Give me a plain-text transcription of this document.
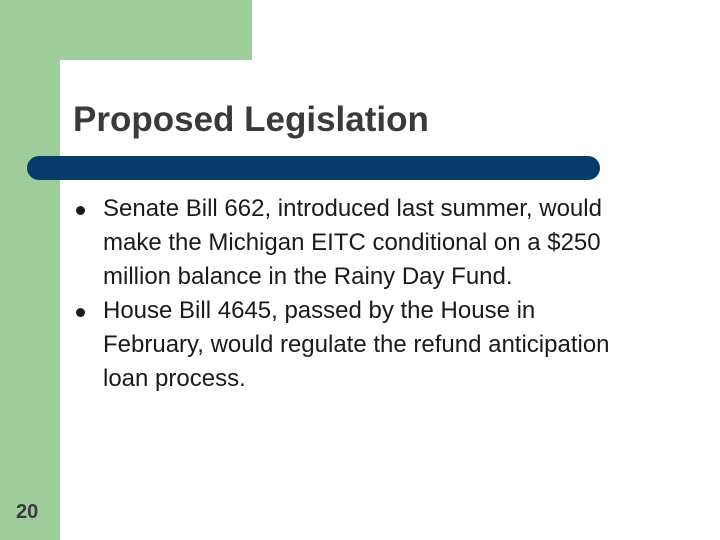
Proposed Legislation
Senate Bill 662, introduced last summer, would make the Michigan EITC conditional on a $250 million balance in the Rainy Day Fund.
House Bill 4645, passed by the House in February, would regulate the refund anticipation loan process.
20
